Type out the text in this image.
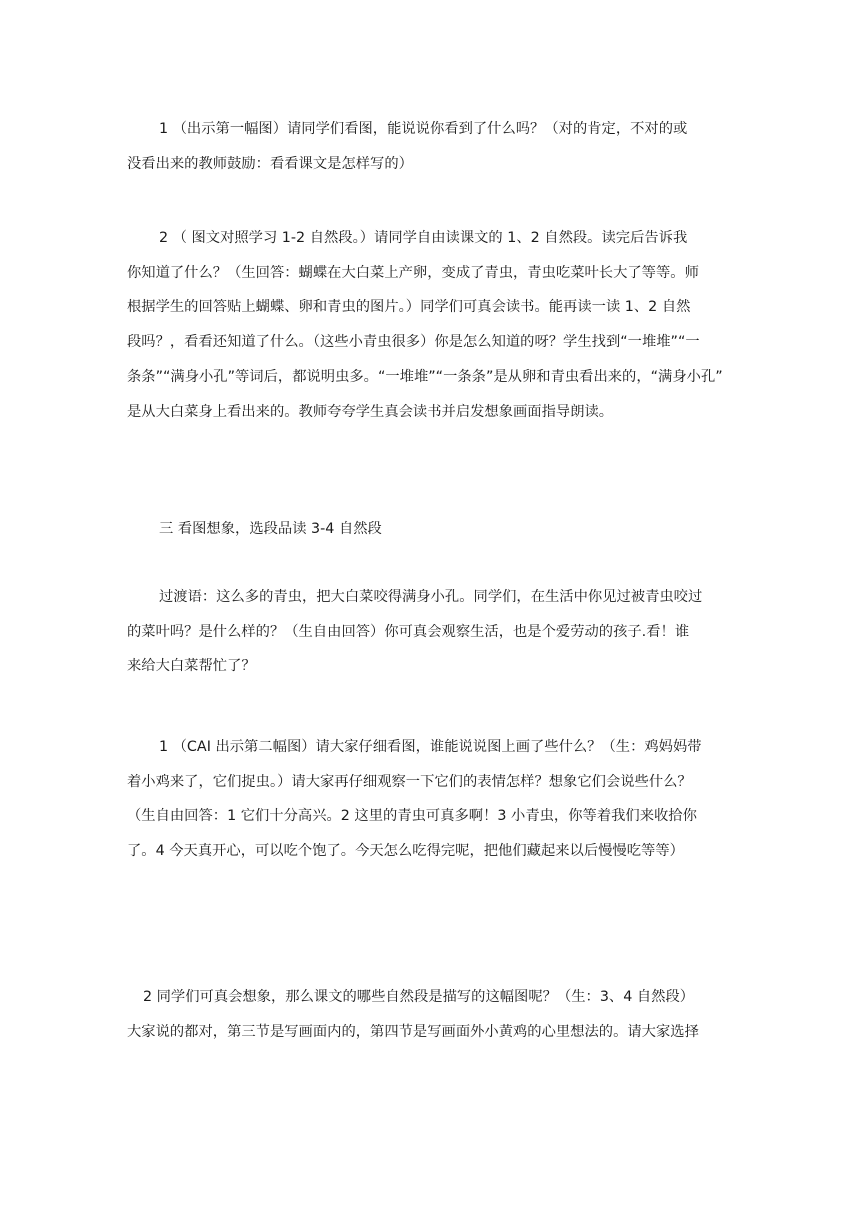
1 （出示第一幅图）请同学们看图，能说说你看到了什么吗？（对的肯定，不对的或
没看出来的教师鼓励：看看课文是怎样写的）

2 （ 图文对照学习 1-2 自然段。）请同学自由读课文的 1、2 自然段。读完后告诉我
你知道了什么？（生回答：蝴蝶在大白菜上产卵，变成了青虫，青虫吃菜叶长大了等等。师
根据学生的回答贴上蝴蝶、卵和青虫的图片。）同学们可真会读书。能再读一读 1、2 自然
段吗？，看看还知道了什么。（这些小青虫很多）你是怎么知道的呀？学生找到“一堆堆”“一
条条”“满身小孔”等词后，都说明虫多。“一堆堆”“一条条”是从卵和青虫看出来的，“满身小孔”
是从大白菜身上看出来的。教师夸夸学生真会读书并启发想象画面指导朗读。

三 看图想象，选段品读 3-4 自然段

过渡语：这么多的青虫，把大白菜咬得满身小孔。同学们，在生活中你见过被青虫咬过
的菜叶吗？是什么样的？（生自由回答）你可真会观察生活，也是个爱劳动的孩子.看！谁
来给大白菜帮忙了？

1 （CAI 出示第二幅图）请大家仔细看图，谁能说说图上画了些什么？（生：鸡妈妈带
着小鸡来了，它们捉虫。）请大家再仔细观察一下它们的表情怎样？想象它们会说些什么？
（生自由回答：1 它们十分高兴。2 这里的青虫可真多啊！3 小青虫，你等着我们来收拾你
了。4 今天真开心，可以吃个饱了。今天怎么吃得完呢，把他们藏起来以后慢慢吃等等）

2 同学们可真会想象，那么课文的哪些自然段是描写的这幅图呢？（生：3、4 自然段）
大家说的都对，第三节是写画面内的，第四节是写画面外小黄鸡的心里想法的。请大家选择
